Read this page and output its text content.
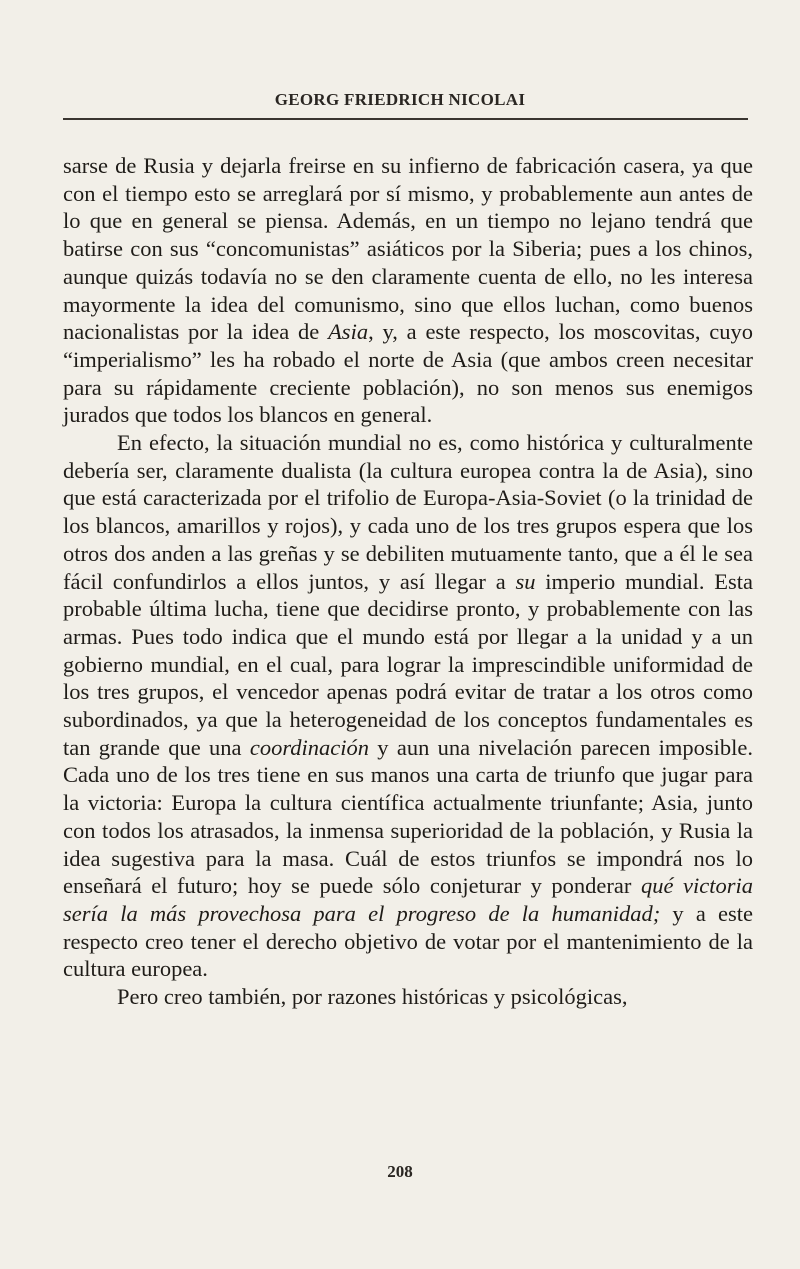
GEORG FRIEDRICH NICOLAI

sarse de Rusia y dejarla freirse en su infierno de fabricación casera, ya que con el tiempo esto se arreglará por sí mismo, y probablemente aun antes de lo que en general se piensa. Además, en un tiempo no lejano tendrá que batirse con sus “concomunistas” asiáticos por la Siberia; pues a los chinos, aunque quizás todavía no se den claramente cuenta de ello, no les interesa mayormente la idea del comunismo, sino que ellos luchan, como buenos nacionalistas por la idea de Asia, y, a este respecto, los moscovitas, cuyo “imperialismo” les ha robado el norte de Asia (que ambos creen necesitar para su rápidamente creciente población), no son menos sus enemigos jurados que todos los blancos en general.

En efecto, la situación mundial no es, como histórica y culturalmente debería ser, claramente dualista (la cultura europea contra la de Asia), sino que está caracterizada por el trifolio de Europa-Asia-Soviet (o la trinidad de los blancos, amarillos y rojos), y cada uno de los tres grupos espera que los otros dos anden a las greñas y se debiliten mutuamente tanto, que a él le sea fácil confundirlos a ellos juntos, y así llegar a su imperio mundial. Esta probable última lucha, tiene que decidirse pronto, y probablemente con las armas. Pues todo indica que el mundo está por llegar a la unidad y a un gobierno mundial, en el cual, para lograr la imprescindible uniformidad de los tres grupos, el vencedor apenas podrá evitar de tratar a los otros como subordinados, ya que la heterogeneidad de los conceptos fundamentales es tan grande que una coordinación y aun una nivelación parecen imposible. Cada uno de los tres tiene en sus manos una carta de triunfo que jugar para la victoria: Europa la cultura científica actualmente triunfante; Asia, junto con todos los atrasados, la inmensa superioridad de la población, y Rusia la idea sugestiva para la masa. Cuál de estos triunfos se impondrá nos lo enseñará el futuro; hoy se puede sólo conjeturar y ponderar qué victoria sería la más provechosa para el progreso de la humanidad; y a este respecto creo tener el derecho objetivo de votar por el mantenimiento de la cultura europea.

Pero creo también, por razones históricas y psicológicas,

208
